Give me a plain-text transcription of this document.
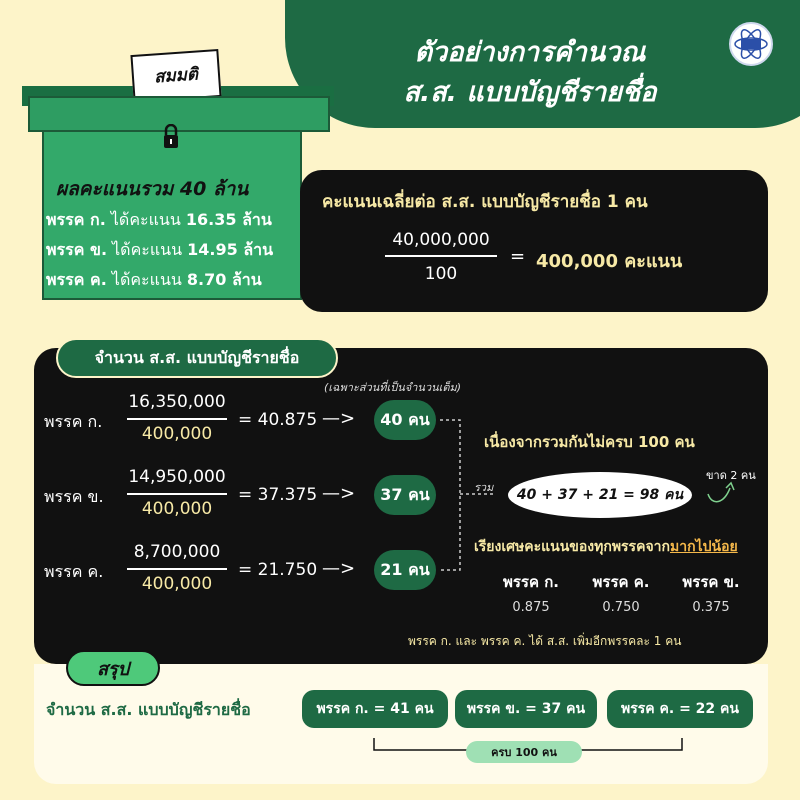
ตัวอย่างการคำนวณ
ส.ส. แบบบัญชีรายชื่อ
สมมติ
ผลคะแนนรวม 40 ล้าน
พรรค ก. ได้คะแนน 16.35 ล้าน
พรรค ข. ได้คะแนน 14.95 ล้าน
พรรค ค. ได้คะแนน 8.70 ล้าน
คะแนนเฉลี่ยต่อ ส.ส. แบบบัญชีรายชื่อ 1 คน
40,000,000
100
= 400,000 คะแนน
จำนวน ส.ส. แบบบัญชีรายชื่อ
(เฉพาะส่วนที่เป็นจำนวนเต็ม)
พรรค ก.
16,350,000
400,000
= 40.875 —>	40 คน
พรรค ข.
14,950,000
400,000
= 37.375 —>	37 คน
พรรค ค.
8,700,000
400,000
= 21.750 —>	21 คน
รวม
เนื่องจากรวมกันไม่ครบ 100 คน
40 + 37 + 21 = 98 คน
ขาด 2 คน
เรียงเศษคะแนนของทุกพรรคจากมากไปน้อย
พรรค ก.
0.875
พรรค ค.
0.750
พรรค ข.
0.375
พรรค ก. และ พรรค ค. ได้ ส.ส. เพิ่มอีกพรรคละ 1 คน
สรุป
จำนวน ส.ส. แบบบัญชีรายชื่อ	พรรค ก. = 41 คน	พรรค ข. = 37 คน	พรรค ค. = 22 คน
ครบ 100 คน
